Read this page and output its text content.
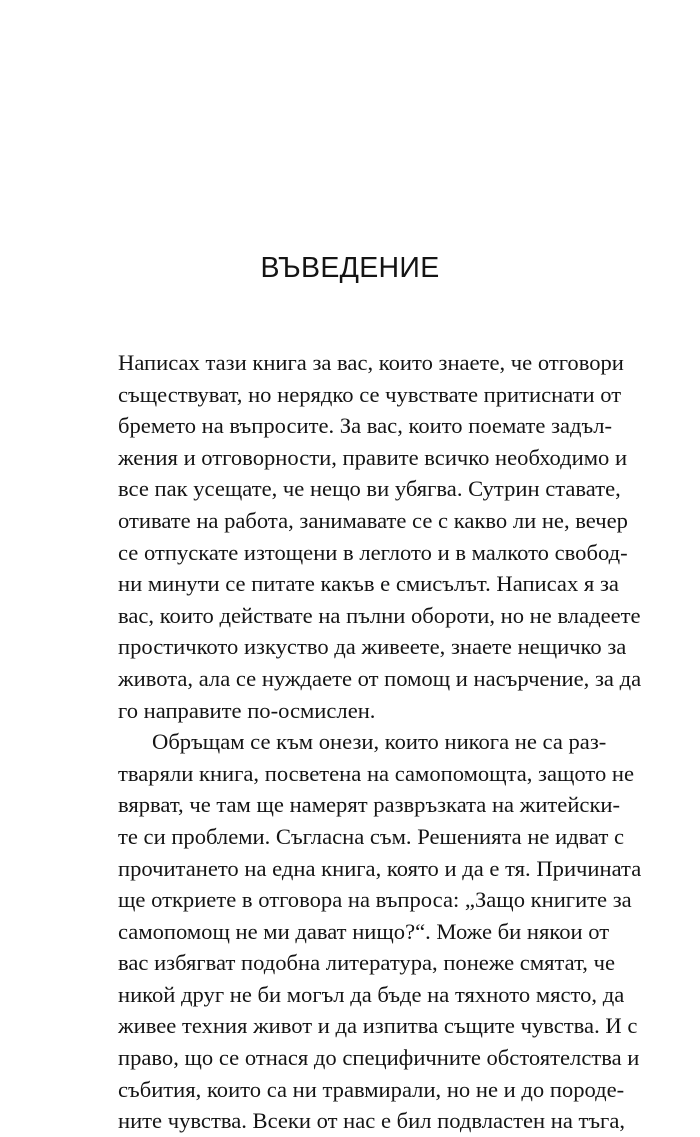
ВЪВЕДЕНИЕ
Написах тази книга за вас, които знаете, че отговори
съществуват, но нерядко се чувствате притиснати от
бремето на въпросите. За вас, които поемате задъл-
жения и отговорности, правите всичко необходимо и
все пак усещате, че нещо ви убягва. Сутрин ставате,
отивате на работа, занимавате се с какво ли не, вечер
се отпускате изтощени в леглото и в малкото свобод-
ни минути се питате какъв е смисълът. Написах я за
вас, които действате на пълни обороти, но не владеете
простичкото изкуство да живеете, знаете нещичко за
живота, ала се нуждаете от помощ и насърчение, за да
го направите по-осмислен.
Обръщам се към онези, които никога не са раз-
тваряли книга, посветена на самопомощта, защото не
вярват, че там ще намерят развръзката на житейски-
те си проблеми. Съгласна съм. Решенията не идват с
прочитането на една книга, която и да е тя. Причината
ще откриете в отговора на въпроса: „Защо книгите за
самопомощ не ми дават нищо?“. Може би някои от
вас избягват подобна литература, понеже смятат, че
никой друг не би могъл да бъде на тяхното място, да
живее техния живот и да изпитва същите чувства. И с
право, що се отнася до специфичните обстоятелства и
събития, които са ни травмирали, но не и до породе-
ните чувства. Всеки от нас е бил подвластен на тъга,
